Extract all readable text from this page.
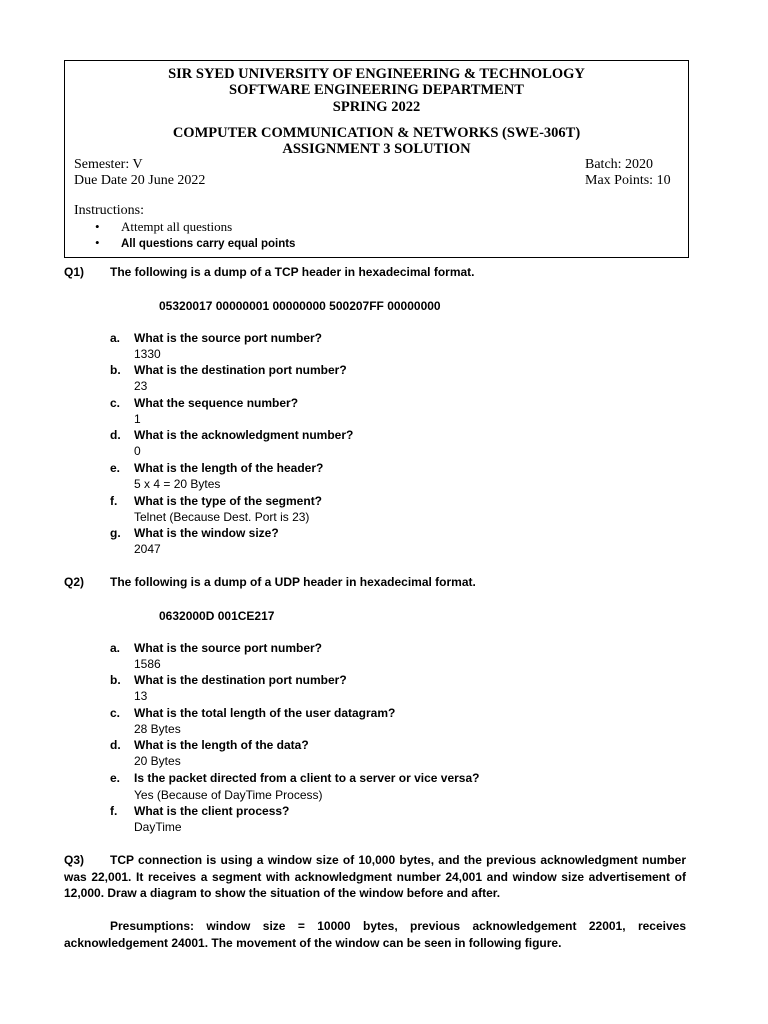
SIR SYED UNIVERSITY OF ENGINEERING & TECHNOLOGY
SOFTWARE ENGINEERING DEPARTMENT
SPRING 2022
COMPUTER COMMUNICATION & NETWORKS (SWE-306T)
ASSIGNMENT 3 SOLUTION
Semester: V	Batch: 2020
Due Date 20 June 2022	Max Points: 10
Instructions:
• Attempt all questions
• All questions carry equal points
Q1) The following is a dump of a TCP header in hexadecimal format.
05320017 00000001 00000000 500207FF 00000000
a. What is the source port number?
1330
b. What is the destination port number?
23
c. What the sequence number?
1
d. What is the acknowledgment number?
0
e. What is the length of the header?
5 x 4 = 20 Bytes
f. What is the type of the segment?
Telnet (Because Dest. Port is 23)
g. What is the window size?
2047
Q2) The following is a dump of a UDP header in hexadecimal format.
0632000D 001CE217
a. What is the source port number?
1586
b. What is the destination port number?
13
c. What is the total length of the user datagram?
28 Bytes
d. What is the length of the data?
20 Bytes
e. Is the packet directed from a client to a server or vice versa?
Yes (Because of DayTime Process)
f. What is the client process?
DayTime
Q3) TCP connection is using a window size of 10,000 bytes, and the previous acknowledgment number was 22,001. It receives a segment with acknowledgment number 24,001 and window size advertisement of 12,000. Draw a diagram to show the situation of the window before and after.
Presumptions: window size = 10000 bytes, previous acknowledgement 22001, receives acknowledgement 24001. The movement of the window can be seen in following figure.
